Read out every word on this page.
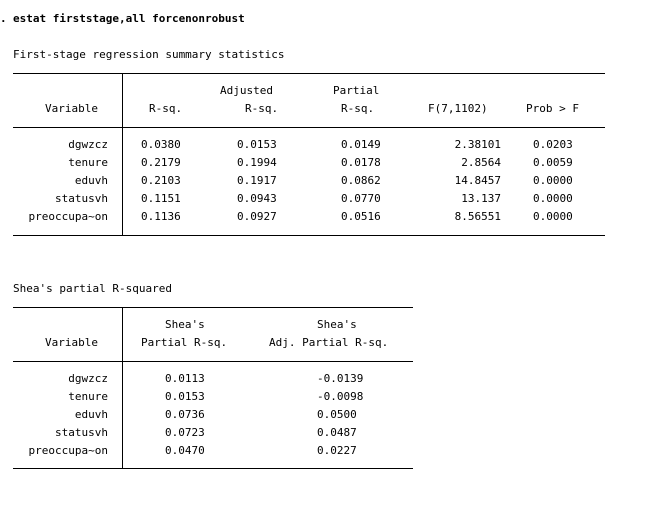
. estat firststage,all forcenonrobust
First-stage regression summary statistics
Adjusted	Partial
Variable	R-sq.	R-sq.	R-sq.	F(7,1102)	Prob > F
dgwzcz	0.0380	0.0153	0.0149	2.38101	0.0203
tenure	0.2179	0.1994	0.0178	2.8564	0.0059
eduvh	0.2103	0.1917	0.0862	14.8457	0.0000
statusvh	0.1151	0.0943	0.0770	13.137	0.0000
preoccupa~on	0.1136	0.0927	0.0516	8.56551	0.0000
Shea's partial R-squared
Shea's	Shea's
Variable	Partial R-sq.	Adj. Partial R-sq.
dgwzcz	0.0113	-0.0139
tenure	0.0153	-0.0098
eduvh	0.0736	0.0500
statusvh	0.0723	0.0487
preoccupa~on	0.0470	0.0227
